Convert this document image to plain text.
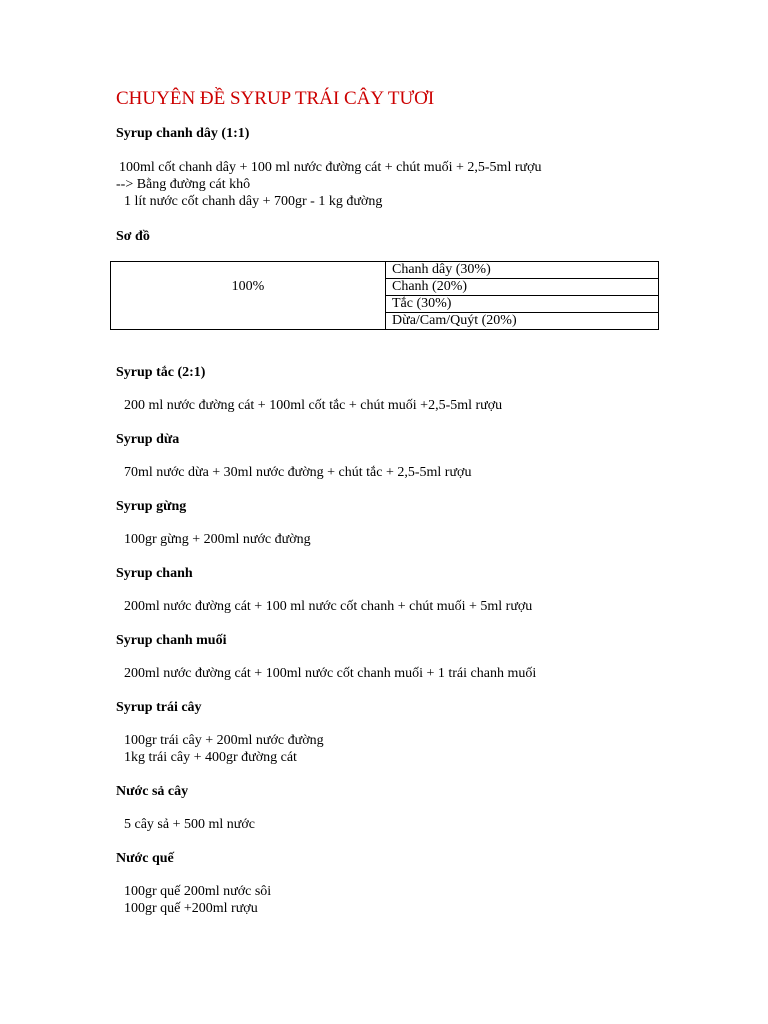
CHUYÊN ĐỀ SYRUP TRÁI CÂY TƯƠI
Syrup chanh dây (1:1)
100ml cốt chanh dây + 100 ml nước đường cát + chút muối + 2,5-5ml rượu
--> Bằng đường cát khô
1 lít nước cốt chanh dây + 700gr - 1 kg đường
Sơ đồ
100%	Chanh dây (30%)
Chanh (20%)
Tắc (30%)
Dừa/Cam/Quýt (20%)
Syrup tắc (2:1)
200 ml nước đường cát + 100ml cốt tắc + chút muối +2,5-5ml rượu
Syrup dừa
70ml nước dừa + 30ml nước đường + chút tắc + 2,5-5ml rượu
Syrup gừng
100gr gừng + 200ml nước đường
Syrup chanh
200ml nước đường cát + 100 ml nước cốt chanh + chút muối + 5ml rượu
Syrup chanh muối
200ml nước đường cát + 100ml nước cốt chanh muối + 1 trái chanh muối
Syrup trái cây
100gr trái cây + 200ml nước đường
1kg trái cây + 400gr đường cát
Nước sả cây
5 cây sả + 500 ml nước
Nước quế
100gr quế 200ml nước sôi
100gr quế +200ml rượu
